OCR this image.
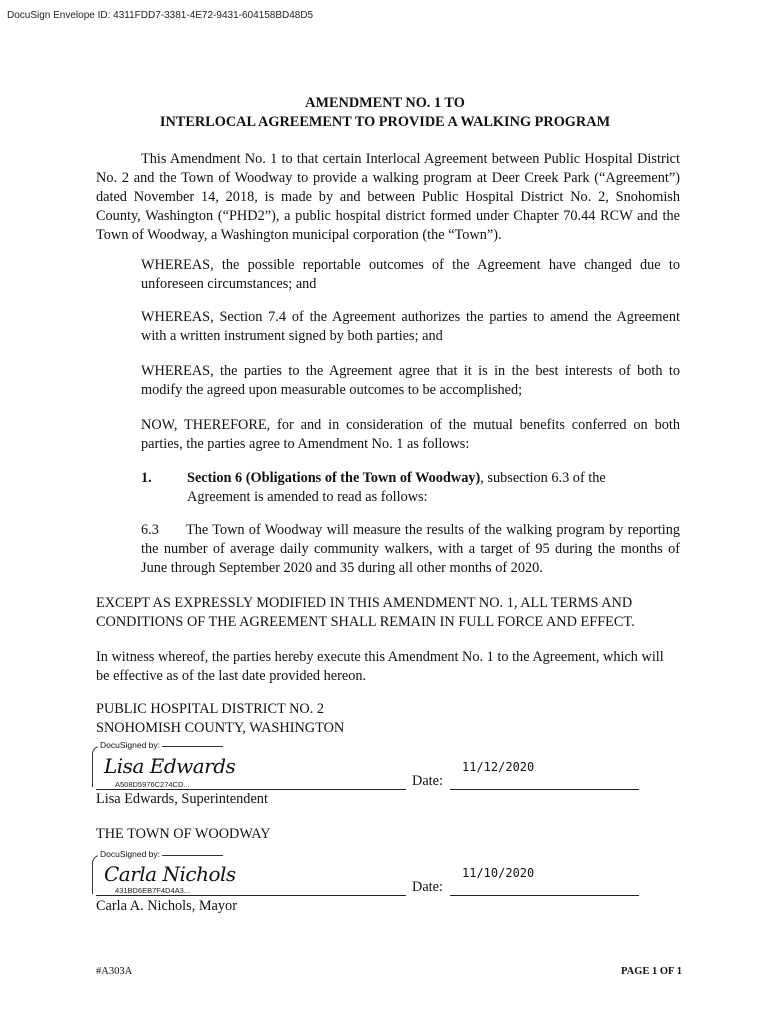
DocuSign Envelope ID: 4311FDD7-3381-4E72-9431-604158BD48D5
AMENDMENT NO. 1 TO
INTERLOCAL AGREEMENT TO PROVIDE A WALKING PROGRAM

This Amendment No. 1 to that certain Interlocal Agreement between Public Hospital District No. 2 and the Town of Woodway to provide a walking program at Deer Creek Park (“Agreement”) dated November 14, 2018, is made by and between Public Hospital District No. 2, Snohomish County, Washington (“PHD2”), a public hospital district formed under Chapter 70.44 RCW and the Town of Woodway, a Washington municipal corporation (the “Town”).

WHEREAS, the possible reportable outcomes of the Agreement have changed due to unforeseen circumstances; and

WHEREAS, Section 7.4 of the Agreement authorizes the parties to amend the Agreement with a written instrument signed by both parties; and

WHEREAS, the parties to the Agreement agree that it is in the best interests of both to modify the agreed upon measurable outcomes to be accomplished;

NOW, THEREFORE, for and in consideration of the mutual benefits conferred on both parties, the parties agree to Amendment No. 1 as follows:

1. Section 6 (Obligations of the Town of Woodway), subsection 6.3 of the
Agreement is amended to read as follows:
6.3	The Town of Woodway will measure the results of the walking program by reporting the number of average daily community walkers, with a target of 95 during the months of June through September 2020 and 35 during all other months of 2020.

EXCEPT AS EXPRESSLY MODIFIED IN THIS AMENDMENT NO. 1, ALL TERMS AND CONDITIONS OF THE AGREEMENT SHALL REMAIN IN FULL FORCE AND EFFECT.

In witness whereof, the parties hereby execute this Amendment No. 1 to the Agreement, which will be effective as of the last date provided hereon.

PUBLIC HOSPITAL DISTRICT NO. 2
SNOHOMISH COUNTY, WASHINGTON
DocuSigned by:
Lisa Edwards
A508D5976C274CD...	Date:
11/12/2020
Lisa Edwards, Superintendent
THE TOWN OF WOODWAY
DocuSigned by:
Carla Nichols
431BD6EB7F4D4A3...	Date:
11/10/2020
Carla A. Nichols, Mayor
#A303A	PAGE 1 OF 1
